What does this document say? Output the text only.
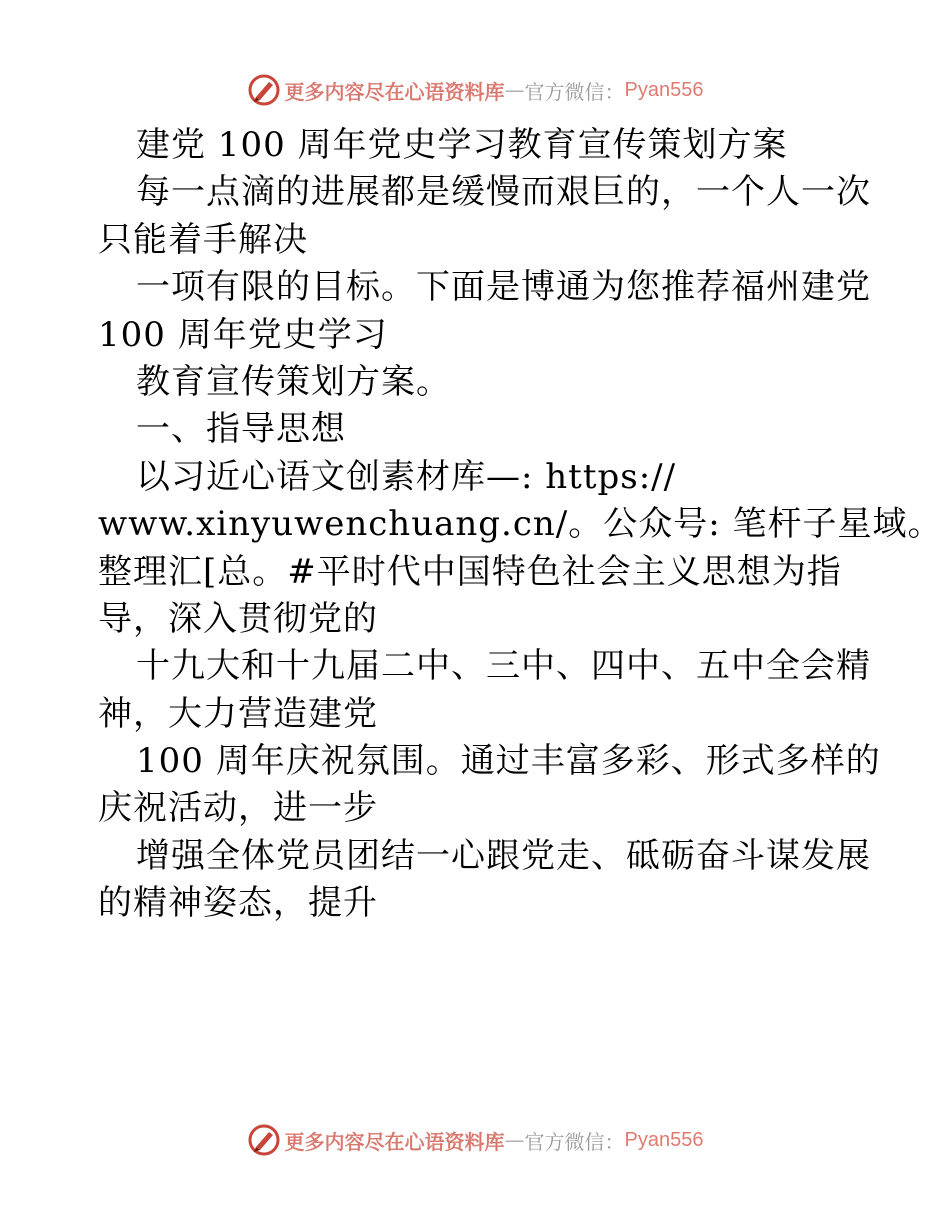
更多内容尽在心语资料库 — 官方微信： Pyan556
建党 100 周年党史学习教育宣传策划方案
每一点滴的进展都是缓慢而艰巨的，一个人一次
只能着手解决
一项有限的目标。下面是博通为您推荐福州建党
100 周年党史学习
教育宣传策划方案。
一、指导思想
以习近心语文创素材库—: https://
www.xinyuwenchuang.cn/。公众号: 笔杆子星域。
整理汇[总。#平时代中国特色社会主义思想为指
导，深入贯彻党的
十九大和十九届二中、三中、四中、五中全会精
神，大力营造建党
100 周年庆祝氛围。通过丰富多彩、形式多样的
庆祝活动，进一步
增强全体党员团结一心跟党走、砥砺奋斗谋发展
的精神姿态，提升
更多内容尽在心语资料库 — 官方微信： Pyan556
